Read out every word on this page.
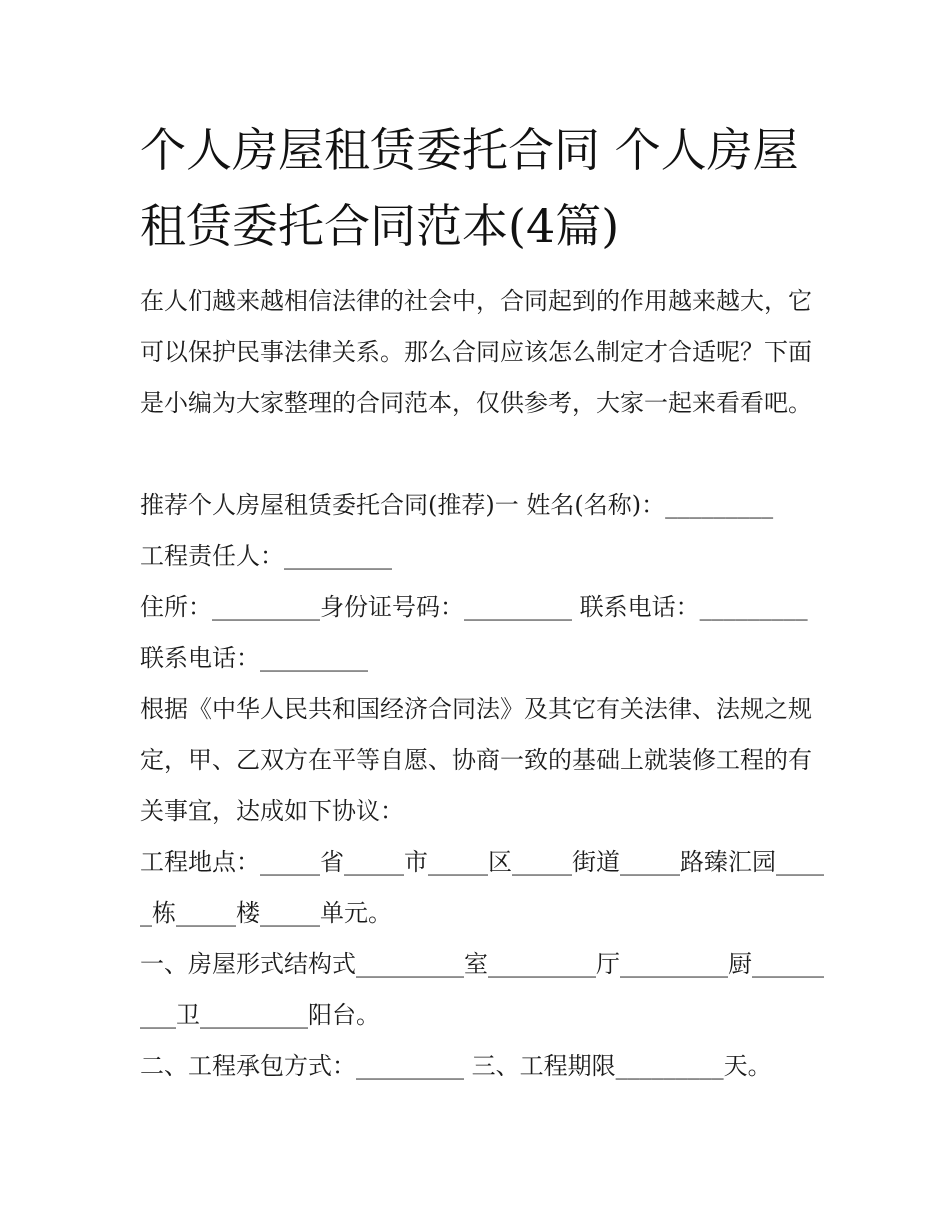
个人房屋租赁委托合同 个人房屋租赁委托合同范本(4篇)

在人们越来越相信法律的社会中，合同起到的作用越来越大，它可以保护民事法律关系。那么合同应该怎么制定才合适呢？下面是小编为大家整理的合同范本，仅供参考，大家一起来看看吧。

推荐个人房屋租赁委托合同(推荐)一 姓名(名称)：_________

工程责任人：_________

住所：_________身份证号码：_________ 联系电话：_________联系电话：_________

根据《中华人民共和国经济合同法》及其它有关法律、法规之规定，甲、乙双方在平等自愿、协商一致的基础上就装修工程的有关事宜，达成如下协议：

工程地点：_____省_____市_____区_____街道_____路臻汇园_____栋_____楼_____单元。

一、房屋形式结构式_________室_________厅_________厨_________卫_________阳台。

二、工程承包方式：_________ 三、工程期限_________天。
